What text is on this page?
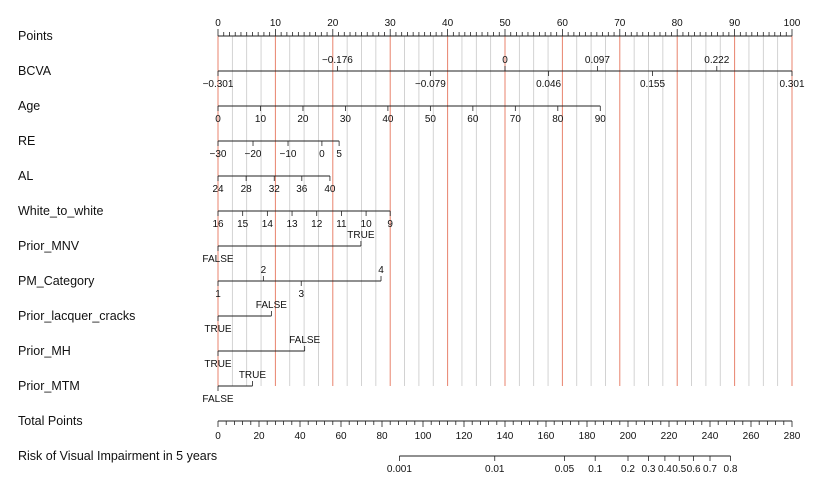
Points
0	10	20	30	40	50	60	70	80	90	100
BCVA
−0.301
−0.176
−0.079
0
0.046
0.097
0.155
0.222
0.301
Age
0	10	20	30	40	50	60	70	80	90
RE
−30 −20 −10 0 5
AL
24 28 32 36 40
White_to_white
16 15 14 13 12 11 10 9
Prior_MNV
FALSE
TRUE
PM_Category
1
2
3
4
Prior_lacquer_cracks
TRUE
FALSE
Prior_MH
TRUE
FALSE
Prior_MTM
FALSE
TRUE
Total Points
0	20	40	60	80	100 120 140 160 180 200 220 240 260 280
Risk of Visual Impairment in 5 years
0.001	0.01	0.05 0.1 0.2 0.3 0.4 0.5 0.6 0.7 0.8
